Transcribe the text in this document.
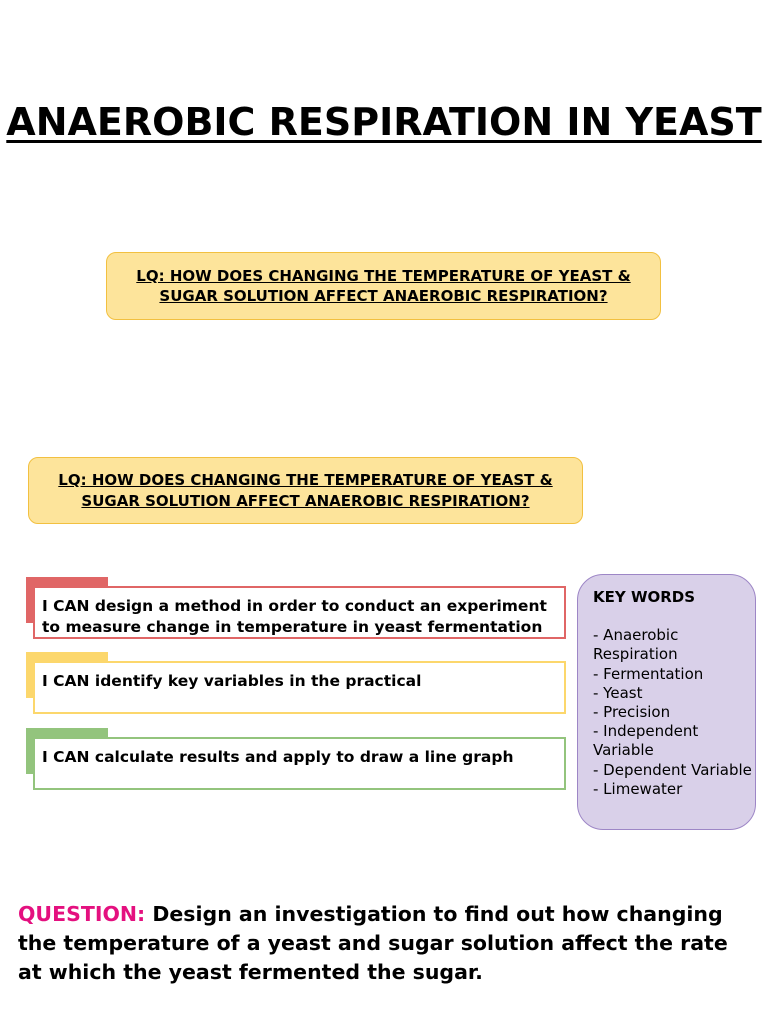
ANAEROBIC RESPIRATION IN YEAST
LQ: HOW DOES CHANGING THE TEMPERATURE OF YEAST & SUGAR SOLUTION AFFECT ANAEROBIC RESPIRATION?
LQ: HOW DOES CHANGING THE TEMPERATURE OF YEAST & SUGAR SOLUTION AFFECT ANAEROBIC RESPIRATION?
I CAN design a method in order to conduct an experiment to measure change in temperature in yeast fermentation
I CAN identify key variables in the practical
I CAN calculate results and apply to draw a line graph
KEY WORDS
- Anaerobic Respiration
- Fermentation
- Yeast
- Precision
- Independent Variable
- Dependent Variable
- Limewater
QUESTION: Design an investigation to find out how changing the temperature of a yeast and sugar solution affect the rate at which the yeast fermented the sugar.
